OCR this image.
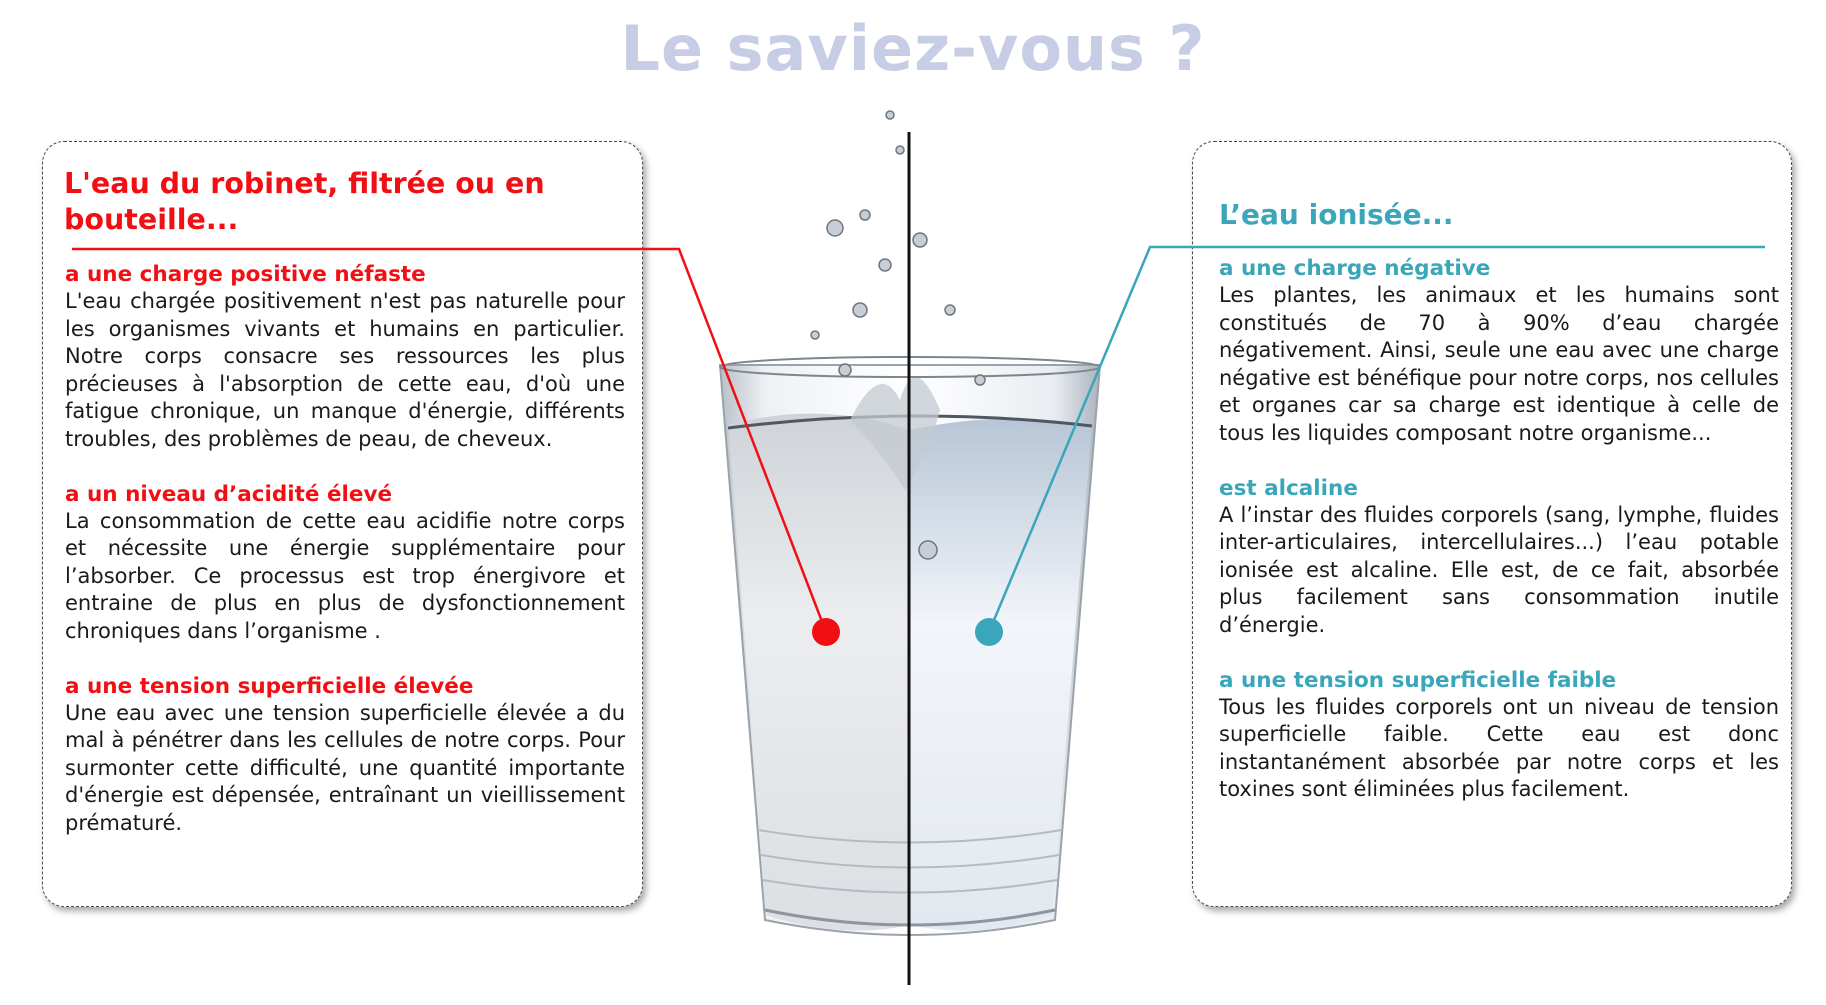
Le saviez-vous ?
L'eau du robinet, filtrée ou en bouteille...

a une charge positive néfaste

L'eau chargée positivement n'est pas naturelle pour les organismes vivants et humains en particulier. Notre corps consacre ses ressources les plus précieuses à l'absorption de cette eau, d'où une fatigue chronique, un manque d'énergie, différents troubles, des problèmes de peau, de cheveux.

a un niveau d’acidité élevé

La consommation de cette eau acidifie notre corps et nécessite une énergie supplémentaire pour l’absorber. Ce processus est trop énergivore et entraine de plus en plus de dysfonctionnement chroniques dans l’organisme .

a une tension superficielle élevée

Une eau avec une tension superficielle élevée a du mal à pénétrer dans les cellules de notre corps. Pour surmonter cette difficulté, une quantité importante d'énergie est dépensée, entraînant un vieillissement prématuré.

L’eau ionisée...

a une charge négative

Les plantes, les animaux et les humains sont constitués de 70 à 90% d’eau chargée négativement. Ainsi, seule une eau avec une charge négative est bénéfique pour notre corps, nos cellules et organes car sa charge est identique à celle de tous les liquides composant notre organisme...

est alcaline

A l’instar des fluides corporels (sang, lymphe, fluides inter-articulaires, intercellulaires...) l’eau potable ionisée est alcaline. Elle est, de ce fait, absorbée plus facilement sans consommation inutile d’énergie.

a une tension superficielle faible

Tous les fluides corporels ont un niveau de tension superficielle faible. Cette eau est donc instantanément absorbée par notre corps et les toxines sont éliminées plus facilement.
